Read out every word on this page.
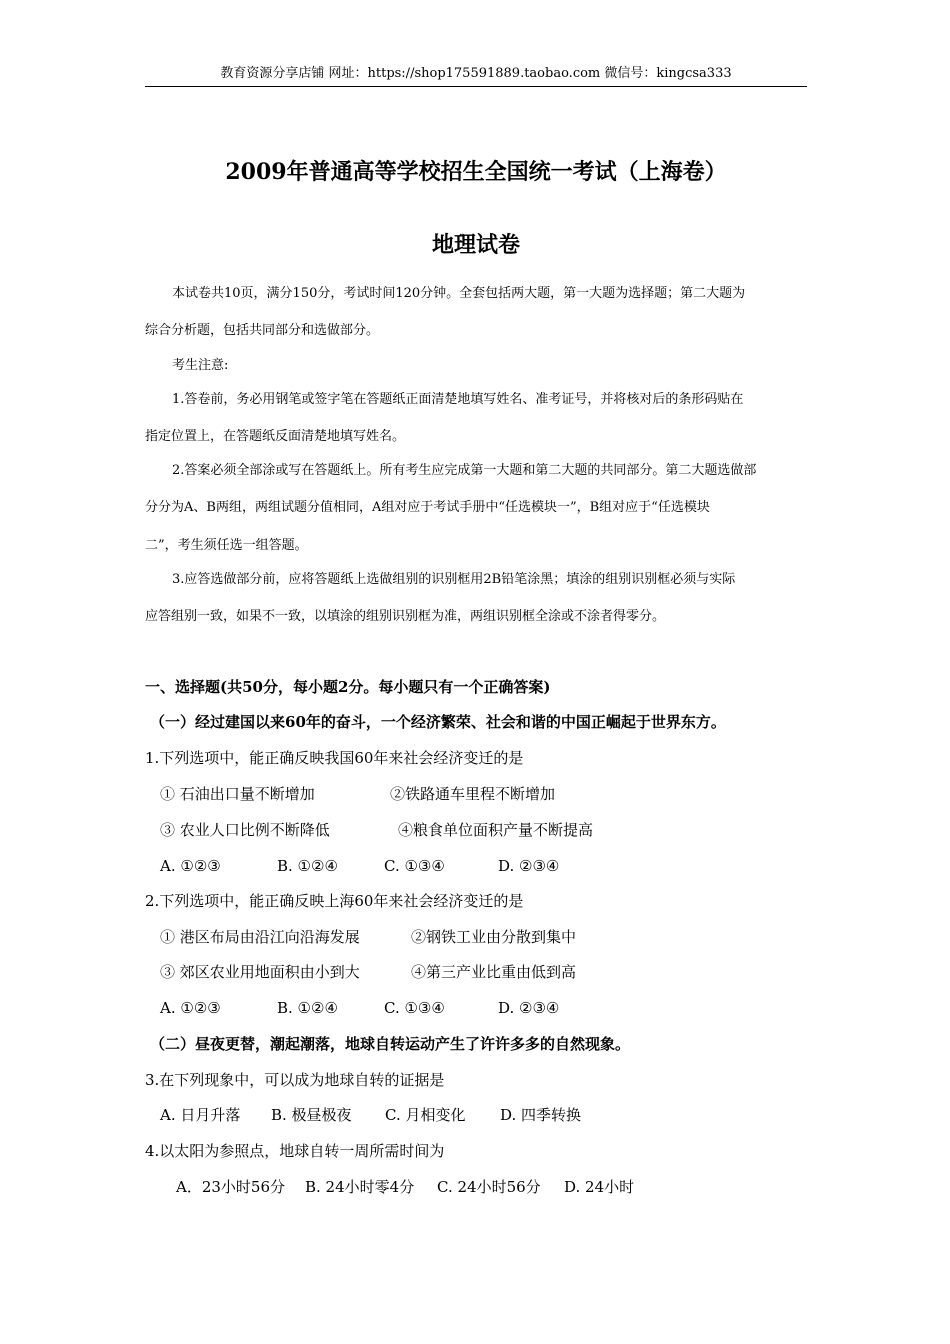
教育资源分享店铺 网址：https://shop175591889.taobao.com 微信号：kingcsa333
2009年普通高等学校招生全国统一考试（上海卷）
地理试卷
本试卷共10页，满分150分，考试时间120分钟。全套包括两大题，第一大题为选择题；第二大题为
综合分析题，包括共同部分和选做部分。
考生注意:
1.答卷前，务必用钢笔或签字笔在答题纸正面清楚地填写姓名、准考证号，并将核对后的条形码贴在
指定位置上，在答题纸反面清楚地填写姓名。
2.答案必须全部涂或写在答题纸上。所有考生应完成第一大题和第二大题的共同部分。第二大题选做部
分分为A、B两组，两组试题分值相同，A组对应于考试手册中“任选模块一”，B组对应于“任选模块
二”，考生须任选一组答题。
3.应答选做部分前，应将答题纸上选做组别的识别框用2B铅笔涂黑；填涂的组别识别框必须与实际
应答组别一致，如果不一致，以填涂的组别识别框为准，两组识别框全涂或不涂者得零分。
一、选择题(共50分，每小题2分。每小题只有一个正确答案)
（一）经过建国以来60年的奋斗，一个经济繁荣、社会和谐的中国正崛起于世界东方。
1.下列选项中，能正确反映我国60年来社会经济变迁的是
① 石油出口量不断增加	②铁路通车里程不断增加
③ 农业人口比例不断降低	④粮食单位面积产量不断提高
A. ①②③	B. ①②④	C. ①③④	D. ②③④
2.下列选项中，能正确反映上海60年来社会经济变迁的是
① 港区布局由沿江向沿海发展	②钢铁工业由分散到集中
③ 郊区农业用地面积由小到大	④第三产业比重由低到高
A. ①②③	B. ①②④	C. ①③④	D. ②③④
（二）昼夜更替，潮起潮落，地球自转运动产生了许许多多的自然现象。
3.在下列现象中，可以成为地球自转的证据是
A. 日月升落 B. 极昼极夜 C. 月相变化 D. 四季转换
4.以太阳为参照点，地球自转一周所需时间为
A．23小时56分 B. 24小时零4分 C. 24小时56分 D. 24小时
